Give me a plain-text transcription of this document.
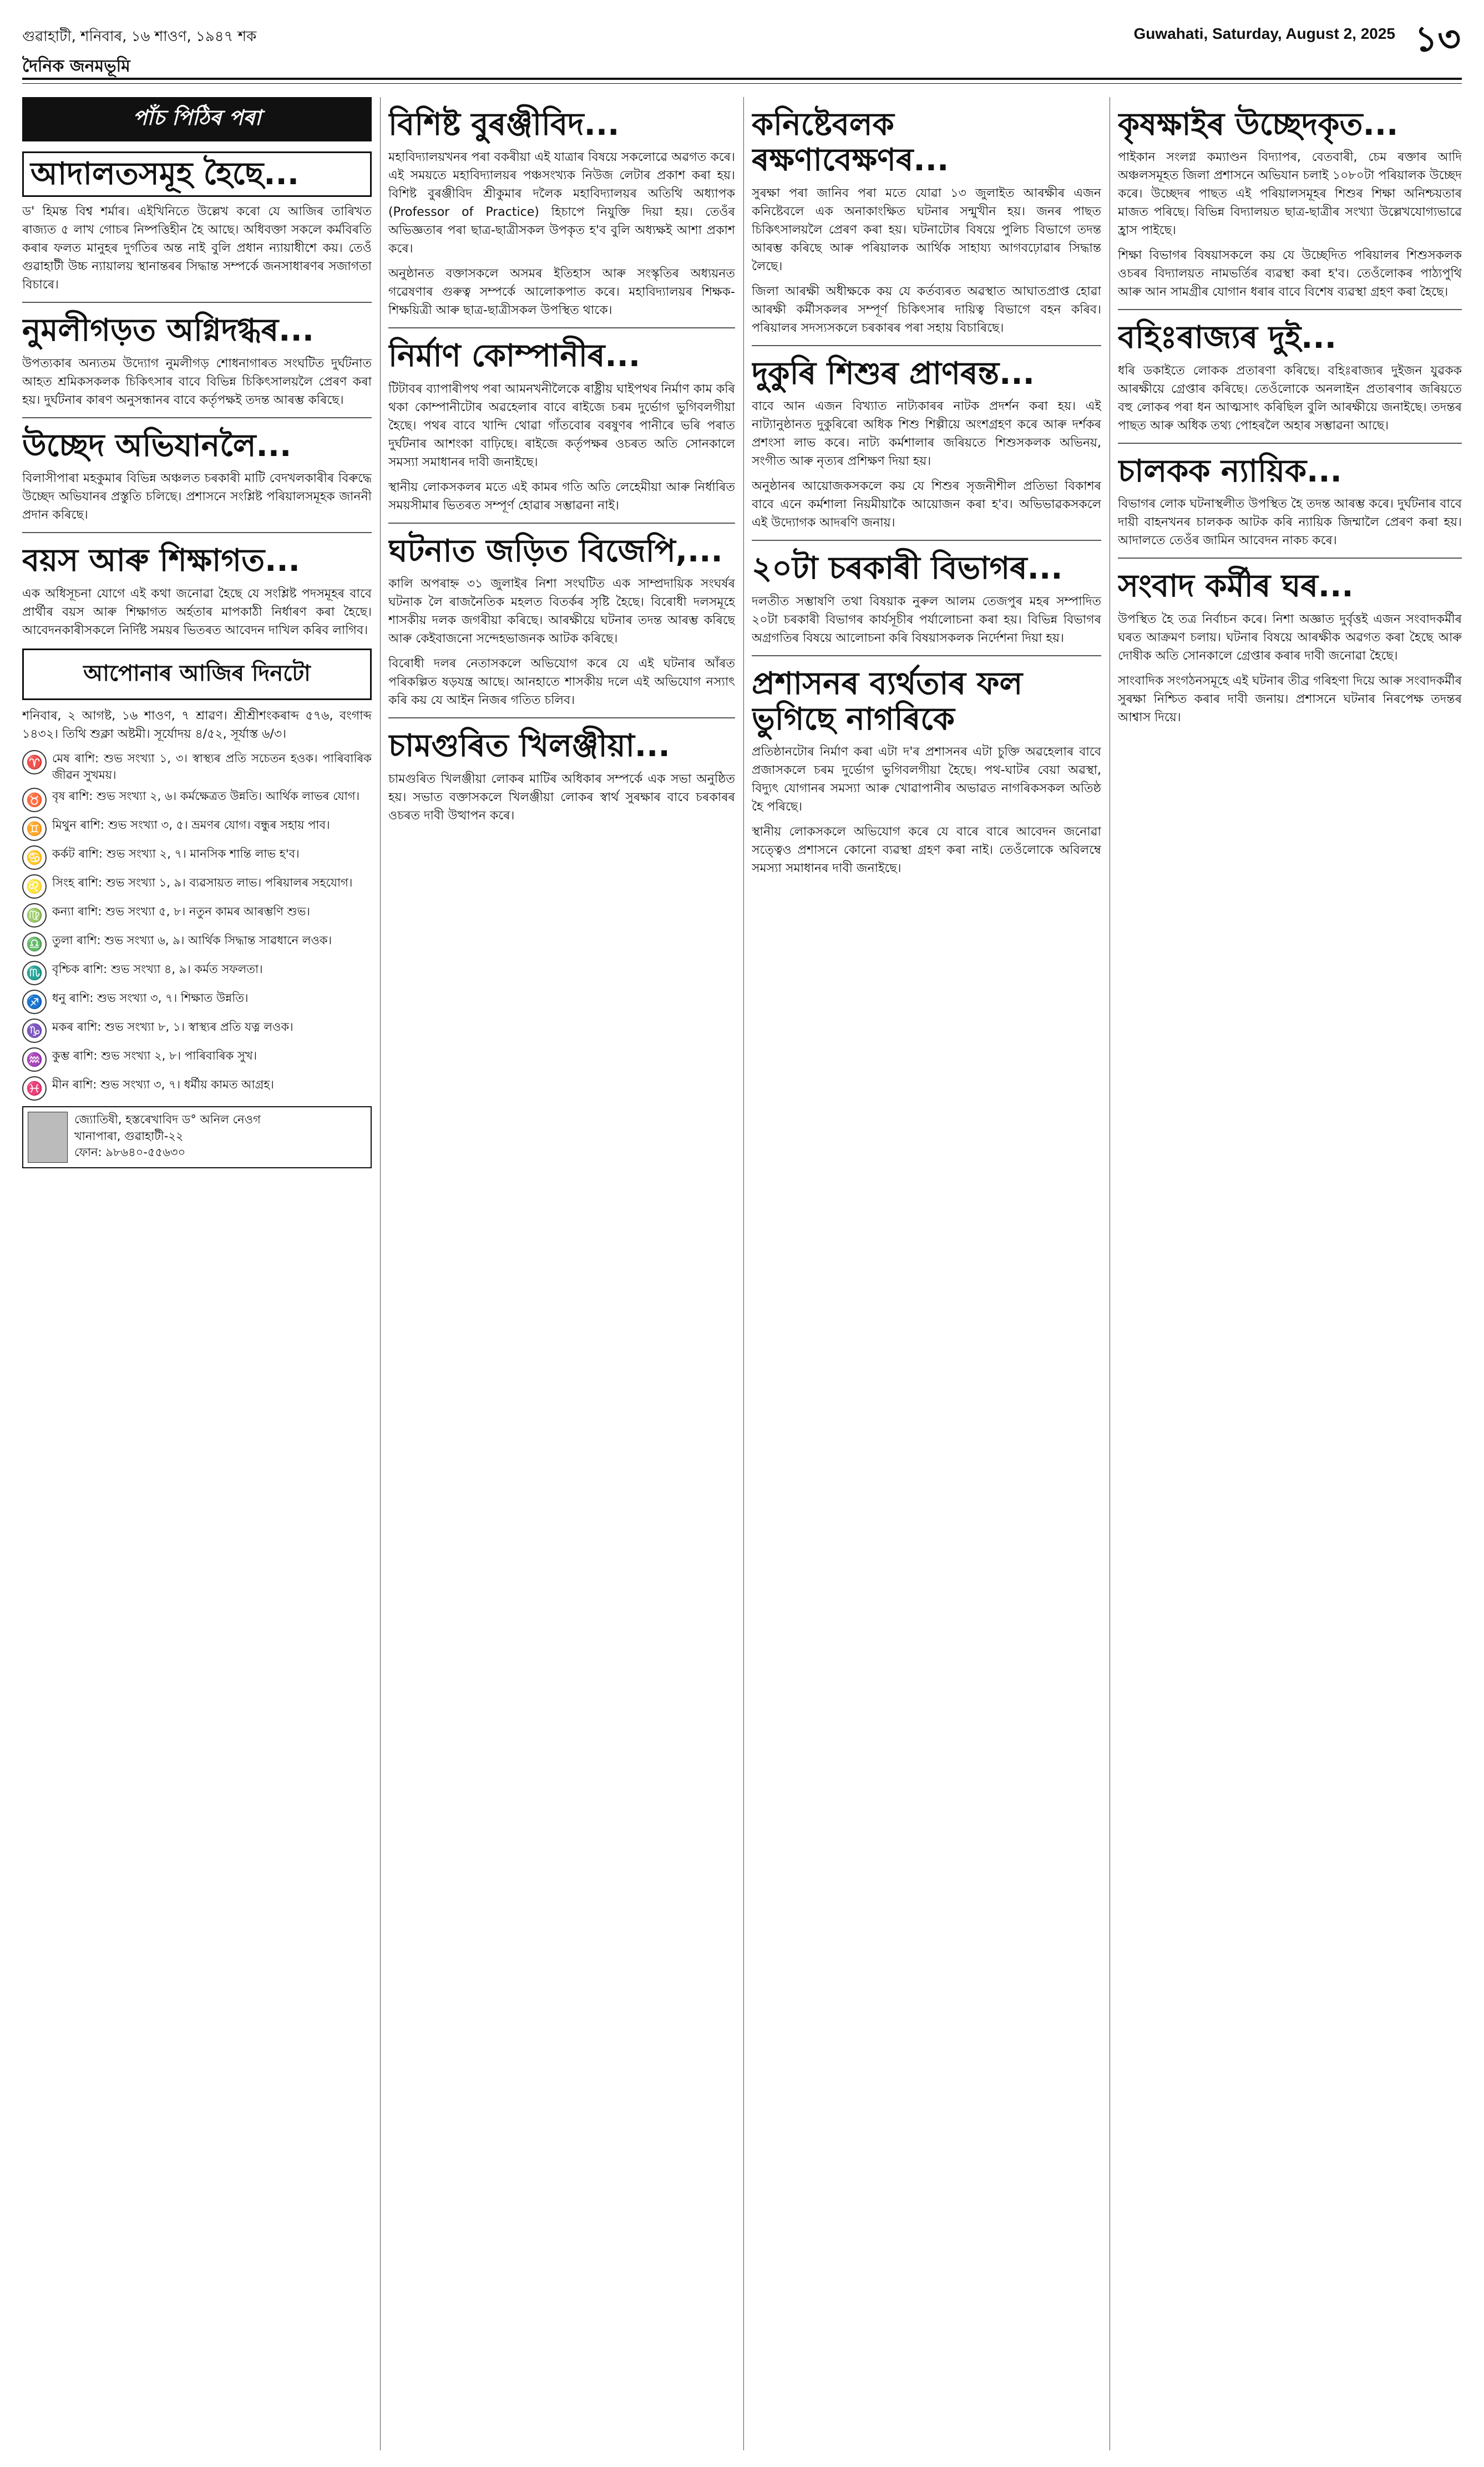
গুৱাহাটী, শনিবাৰ, ১৬ শাওণ, ১৯৪৭ শক	Guwahati, Saturday, August 2, 2025 ১৩
দৈনিক জনমভূমি
পাঁচ পিঠিৰ পৰা
আদালতসমূহ হৈছে...

ড' হিমন্ত বিশ্ব শৰ্মাৰ। এইখিনিতে উল্লেখ কৰো যে আজিৰ তাৰিখত ৰাজ্যত ৫ লাখ গোচৰ নিষ্পত্তিহীন হৈ আছে। অধিবক্তা সকলে কৰ্মবিৰতি কৰাৰ ফলত মানুহৰ দুৰ্গতিৰ অন্ত নাই বুলি প্ৰধান ন্যায়াধীশে কয়। তেওঁ গুৱাহাটী উচ্চ ন্যায়ালয় স্থানান্তৰৰ সিদ্ধান্ত সম্পৰ্কে জনসাধাৰণৰ সজাগতা বিচাৰে।

নুমলীগড়ত অগ্নিদগ্ধৰ...

উপত্যকাৰ অন্যতম উদ্যোগ নুমলীগড় শোধনাগাৰত সংঘটিত দুৰ্ঘটনাত আহত শ্ৰমিকসকলক চিকিৎসাৰ বাবে বিভিন্ন চিকিৎসালয়লৈ প্ৰেৰণ কৰা হয়। দুৰ্ঘটনাৰ কাৰণ অনুসন্ধানৰ বাবে কৰ্তৃপক্ষই তদন্ত আৰম্ভ কৰিছে।

উচ্ছেদ অভিযানলৈ...

বিলাসীপাৰা মহকুমাৰ বিভিন্ন অঞ্চলত চৰকাৰী মাটি বেদখলকাৰীৰ বিৰুদ্ধে উচ্ছেদ অভিযানৰ প্ৰস্তুতি চলিছে। প্ৰশাসনে সংশ্লিষ্ট পৰিয়ালসমূহক জাননী প্ৰদান কৰিছে।

বয়স আৰু শিক্ষাগত...

এক অধিসূচনা যোগে এই কথা জনোৱা হৈছে যে সংশ্লিষ্ট পদসমূহৰ বাবে প্ৰাৰ্থীৰ বয়স আৰু শিক্ষাগত অৰ্হতাৰ মাপকাঠী নিৰ্ধাৰণ কৰা হৈছে। আবেদনকাৰীসকলে নিৰ্দিষ্ট সময়ৰ ভিতৰত আবেদন দাখিল কৰিব লাগিব।

আপোনাৰ আজিৰ দিনটো

শনিবাৰ, ২ আগষ্ট, ১৬ শাওণ, ৭ শ্ৰাৱণ। শ্ৰীশ্ৰীশংকৰাব্দ ৫৭৬, বংগাব্দ ১৪৩২। তিথি শুক্লা অষ্টমী। সূৰ্যোদয় ৪/৫২, সূৰ্যাস্ত ৬/৩।

♈ মেষ ৰাশি: শুভ সংখ্যা ১, ৩। স্বাস্থ্যৰ প্ৰতি সচেতন হওক। পাৰিবাৰিক জীৱন সুখময়।
♉ বৃষ ৰাশি: শুভ সংখ্যা ২, ৬। কৰ্মক্ষেত্ৰত উন্নতি। আৰ্থিক লাভৰ যোগ।
♊ মিথুন ৰাশি: শুভ সংখ্যা ৩, ৫। ভ্ৰমণৰ যোগ। বন্ধুৰ সহায় পাব।
♋ কৰ্কট ৰাশি: শুভ সংখ্যা ২, ৭। মানসিক শান্তি লাভ হ'ব।
♌ সিংহ ৰাশি: শুভ সংখ্যা ১, ৯। ব্যৱসায়ত লাভ। পৰিয়ালৰ সহযোগ।
♍ কন্যা ৰাশি: শুভ সংখ্যা ৫, ৮। নতুন কামৰ আৰম্ভণি শুভ।
♎ তুলা ৰাশি: শুভ সংখ্যা ৬, ৯। আৰ্থিক সিদ্ধান্ত সাৱধানে লওক।
♏ বৃশ্চিক ৰাশি: শুভ সংখ্যা ৪, ৯। কৰ্মত সফলতা।
♐ ধনু ৰাশি: শুভ সংখ্যা ৩, ৭। শিক্ষাত উন্নতি।
♑ মকৰ ৰাশি: শুভ সংখ্যা ৮, ১। স্বাস্থ্যৰ প্ৰতি যত্ন লওক।
♒ কুম্ভ ৰাশি: শুভ সংখ্যা ২, ৮। পাৰিবাৰিক সুখ।
♓ মীন ৰাশি: শুভ সংখ্যা ৩, ৭। ধৰ্মীয় কামত আগ্ৰহ।
জ্যোতিষী, হস্তৰেখাবিদ ড° অনিল নেওগ
খানাপাৰা, গুৱাহাটী-২২
ফোন: ৯৮৬৪০-৫৫৬৩০
বিশিষ্ট বুৰঞ্জীবিদ...

মহাবিদ্যালয়খনৰ পৰা বকৰীয়া এই যাত্ৰাৰ বিষয়ে সকলোৱে অৱগত কৰে। এই সময়তে মহাবিদ্যালয়ৰ পঞ্চসংখ্যক নিউজ লেটাৰ প্ৰকাশ কৰা হয়। বিশিষ্ট বুৰঞ্জীবিদ শ্ৰীকুমাৰ দলৈক মহাবিদ্যালয়ৰ অতিথি অধ্যাপক (Professor of Practice) হিচাপে নিযুক্তি দিয়া হয়। তেওঁৰ অভিজ্ঞতাৰ পৰা ছাত্ৰ-ছাত্ৰীসকল উপকৃত হ'ব বুলি অধ্যক্ষই আশা প্ৰকাশ কৰে।

অনুষ্ঠানত বক্তাসকলে অসমৰ ইতিহাস আৰু সংস্কৃতিৰ অধ্যয়নত গৱেষণাৰ গুৰুত্ব সম্পৰ্কে আলোকপাত কৰে। মহাবিদ্যালয়ৰ শিক্ষক-শিক্ষয়িত্ৰী আৰু ছাত্ৰ-ছাত্ৰীসকল উপস্থিত থাকে।

নিৰ্মাণ কোম্পানীৰ...

টিটাবৰ ব্যাপাৰীপথ পৰা আমনখনীলৈকে ৰাষ্ট্ৰীয় ঘাইপথৰ নিৰ্মাণ কাম কৰি থকা কোম্পানীটোৰ অৱহেলাৰ বাবে ৰাইজে চৰম দুৰ্ভোগ ভুগিবলগীয়া হৈছে। পথৰ বাবে খান্দি থোৱা গাঁতবোৰ বৰষুণৰ পানীৰে ভৰি পৰাত দুৰ্ঘটনাৰ আশংকা বাঢ়িছে। ৰাইজে কৰ্তৃপক্ষৰ ওচৰত অতি সোনকালে সমস্যা সমাধানৰ দাবী জনাইছে।

স্থানীয় লোকসকলৰ মতে এই কামৰ গতি অতি লেহেমীয়া আৰু নিৰ্ধাৰিত সময়সীমাৰ ভিতৰত সম্পূৰ্ণ হোৱাৰ সম্ভাৱনা নাই।

ঘটনাত জড়িত বিজেপি,...

কালি অপৰাহ্ন ৩১ জুলাইৰ নিশা সংঘটিত এক সাম্প্ৰদায়িক সংঘৰ্ষৰ ঘটনাক লৈ ৰাজনৈতিক মহলত বিতৰ্কৰ সৃষ্টি হৈছে। বিৰোধী দলসমূহে শাসকীয় দলক জগৰীয়া কৰিছে। আৰক্ষীয়ে ঘটনাৰ তদন্ত আৰম্ভ কৰিছে আৰু কেইবাজনো সন্দেহভাজনক আটক কৰিছে।

বিৰোধী দলৰ নেতাসকলে অভিযোগ কৰে যে এই ঘটনাৰ আঁৰত পৰিকল্পিত ষড়যন্ত্ৰ আছে। আনহাতে শাসকীয় দলে এই অভিযোগ নস্যাৎ কৰি কয় যে আইন নিজৰ গতিত চলিব।

চামগুৰিত খিলঞ্জীয়া...

চামগুৰিত খিলঞ্জীয়া লোকৰ মাটিৰ অধিকাৰ সম্পৰ্কে এক সভা অনুষ্ঠিত হয়। সভাত বক্তাসকলে খিলঞ্জীয়া লোকৰ স্বাৰ্থ সুৰক্ষাৰ বাবে চৰকাৰৰ ওচৰত দাবী উত্থাপন কৰে।

কনিষ্টেবলক ৰক্ষণাবেক্ষণৰ...

সুৰক্ষা পৰা জানিব পৰা মতে যোৱা ১৩ জুলাইত আৰক্ষীৰ এজন কনিষ্টেবলে এক অনাকাংক্ষিত ঘটনাৰ সন্মুখীন হয়। জনৰ পাছত চিকিৎসালয়লৈ প্ৰেৰণ কৰা হয়। ঘটনাটোৰ বিষয়ে পুলিচ বিভাগে তদন্ত আৰম্ভ কৰিছে আৰু পৰিয়ালক আৰ্থিক সাহায্য আগবঢ়োৱাৰ সিদ্ধান্ত লৈছে।

জিলা আৰক্ষী অধীক্ষকে কয় যে কৰ্তব্যৰত অৱস্থাত আঘাতপ্ৰাপ্ত হোৱা আৰক্ষী কৰ্মীসকলৰ সম্পূৰ্ণ চিকিৎসাৰ দায়িত্ব বিভাগে বহন কৰিব। পৰিয়ালৰ সদস্যসকলে চৰকাৰৰ পৰা সহায় বিচাৰিছে।

দুকুৰি শিশুৰ প্ৰাণৰন্ত...

বাবে আন এজন বিখ্যাত নাট্যকাৰৰ নাটক প্ৰদৰ্শন কৰা হয়। এই নাট্যানুষ্ঠানত দুকুৰিৰো অধিক শিশু শিল্পীয়ে অংশগ্ৰহণ কৰে আৰু দৰ্শকৰ প্ৰশংসা লাভ কৰে। নাট্য কৰ্মশালাৰ জৰিয়তে শিশুসকলক অভিনয়, সংগীত আৰু নৃত্যৰ প্ৰশিক্ষণ দিয়া হয়।

অনুষ্ঠানৰ আয়োজকসকলে কয় যে শিশুৰ সৃজনীশীল প্ৰতিভা বিকাশৰ বাবে এনে কৰ্মশালা নিয়মীয়াকৈ আয়োজন কৰা হ'ব। অভিভাৱকসকলে এই উদ্যোগক আদৰণি জনায়।

২০টা চৰকাৰী বিভাগৰ...

দলতীত সম্ভাষণি তথা বিষয়াক নুৰুল আলম তেজপুৰ মহৰ সম্পাদিত ২০টা চৰকাৰী বিভাগৰ কাৰ্যসূচীৰ পৰ্যালোচনা কৰা হয়। বিভিন্ন বিভাগৰ অগ্ৰগতিৰ বিষয়ে আলোচনা কৰি বিষয়াসকলক নিৰ্দেশনা দিয়া হয়।

প্ৰশাসনৰ ব্যৰ্থতাৰ ফল ভুগিছে নাগৰিকে

প্ৰতিষ্ঠানটোৰ নিৰ্মাণ কৰা এটা দ'ৰ প্ৰশাসনৰ এটা চুক্তি অৱহেলাৰ বাবে প্ৰজাসকলে চৰম দুৰ্ভোগ ভুগিবলগীয়া হৈছে। পথ-ঘাটৰ বেয়া অৱস্থা, বিদ্যুৎ যোগানৰ সমস্যা আৰু খোৱাপানীৰ অভাৱত নাগৰিকসকল অতিষ্ঠ হৈ পৰিছে।

স্থানীয় লোকসকলে অভিযোগ কৰে যে বাৰে বাৰে আবেদন জনোৱা সত্ত্বেও প্ৰশাসনে কোনো ব্যৱস্থা গ্ৰহণ কৰা নাই। তেওঁলোকে অবিলম্বে সমস্যা সমাধানৰ দাবী জনাইছে।

কৃষক্ষাইৰ উচ্ছেদকৃত...

পাইকান সংলগ্ন কম্যাণ্ডন বিদ্যাপৰ, বেতবাৰী, চেম ৰক্তাৰ আদি অঞ্চলসমূহত জিলা প্ৰশাসনে অভিযান চলাই ১০৮০টা পৰিয়ালক উচ্ছেদ কৰে। উচ্ছেদৰ পাছত এই পৰিয়ালসমূহৰ শিশুৰ শিক্ষা অনিশ্চয়তাৰ মাজত পৰিছে। বিভিন্ন বিদ্যালয়ত ছাত্ৰ-ছাত্ৰীৰ সংখ্যা উল্লেখযোগ্যভাৱে হ্ৰাস পাইছে।

শিক্ষা বিভাগৰ বিষয়াসকলে কয় যে উচ্ছেদিত পৰিয়ালৰ শিশুসকলক ওচৰৰ বিদ্যালয়ত নামভৰ্তিৰ ব্যৱস্থা কৰা হ'ব। তেওঁলোকৰ পাঠ্যপুথি আৰু আন সামগ্ৰীৰ যোগান ধৰাৰ বাবে বিশেষ ব্যৱস্থা গ্ৰহণ কৰা হৈছে।

বহিঃৰাজ্যৰ দুই...

ধৰি ডকাইতে লোকক প্ৰতাৰণা কৰিছে। বহিঃৰাজ্যৰ দুইজন যুৱকক আৰক্ষীয়ে গ্ৰেপ্তাৰ কৰিছে। তেওঁলোকে অনলাইন প্ৰতাৰণাৰ জৰিয়তে বহু লোকৰ পৰা ধন আত্মসাৎ কৰিছিল বুলি আৰক্ষীয়ে জনাইছে। তদন্তৰ পাছত আৰু অধিক তথ্য পোহৰলৈ অহাৰ সম্ভাৱনা আছে।

চালকক ন্যায়িক...

বিভাগৰ লোক ঘটনাস্থলীত উপস্থিত হৈ তদন্ত আৰম্ভ কৰে। দুৰ্ঘটনাৰ বাবে দায়ী বাহনখনৰ চালকক আটক কৰি ন্যায়িক জিম্মালৈ প্ৰেৰণ কৰা হয়। আদালতে তেওঁৰ জামিন আবেদন নাকচ কৰে।

সংবাদ কৰ্মীৰ ঘৰ...

উপস্থিত হৈ তত্ৰ নিৰ্বাচন কৰে। নিশা অজ্ঞাত দুৰ্বৃত্তই এজন সংবাদকৰ্মীৰ ঘৰত আক্ৰমণ চলায়। ঘটনাৰ বিষয়ে আৰক্ষীক অৱগত কৰা হৈছে আৰু দোষীক অতি সোনকালে গ্ৰেপ্তাৰ কৰাৰ দাবী জনোৱা হৈছে।

সাংবাদিক সংগঠনসমূহে এই ঘটনাৰ তীব্ৰ গৰিহণা দিয়ে আৰু সংবাদকৰ্মীৰ সুৰক্ষা নিশ্চিত কৰাৰ দাবী জনায়। প্ৰশাসনে ঘটনাৰ নিৰপেক্ষ তদন্তৰ আশ্বাস দিয়ে।
